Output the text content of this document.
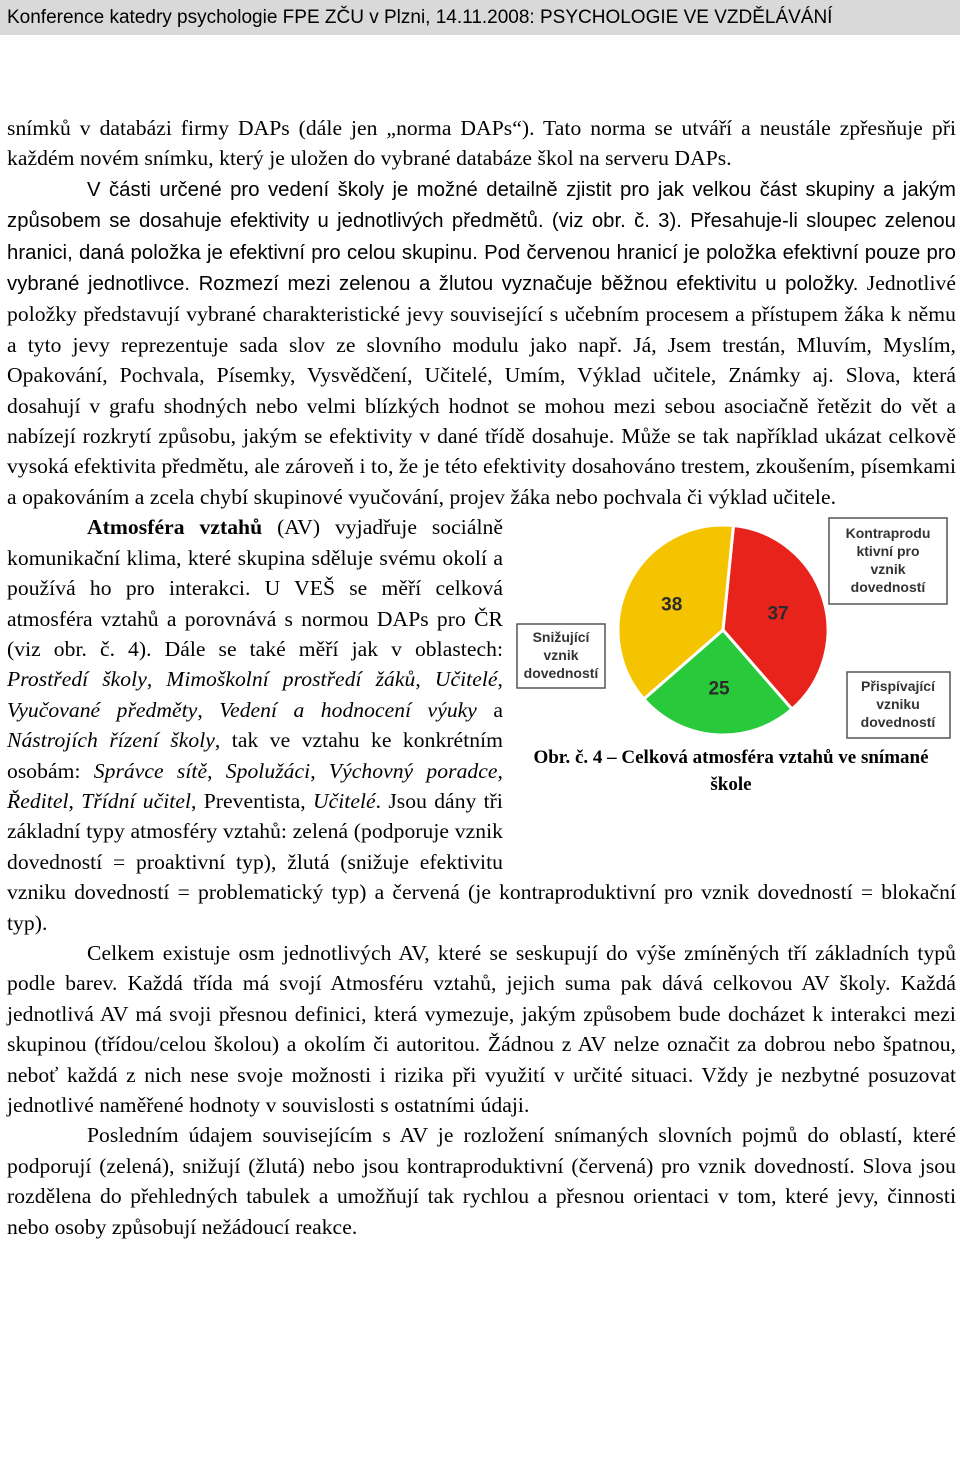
Konference katedry psychologie FPE ZČU v Plzni, 14.11.2008: PSYCHOLOGIE VE VZDĚLÁVÁNÍ

snímků v databázi firmy DAPs (dále jen „norma DAPs“). Tato norma se utváří a neustále zpřesňuje při každém novém snímku, který je uložen do vybrané databáze škol na serveru DAPs.

V části určené pro vedení školy je možné detailně zjistit pro jak velkou část skupiny a jakým způsobem se dosahuje efektivity u jednotlivých předmětů. (viz obr. č. 3). Přesahuje-li sloupec zelenou hranici, daná položka je efektivní pro celou skupinu. Pod červenou hranicí je položka efektivní pouze pro vybrané jednotlivce. Rozmezí mezi zelenou a žlutou vyznačuje běžnou efektivitu u položky. Jednotlivé položky představují vybrané charakteristické jevy související s učebním procesem a přístupem žáka k němu a tyto jevy reprezentuje sada slov ze slovního modulu jako např. Já, Jsem trestán, Mluvím, Myslím, Opakování, Pochvala, Písemky, Vysvědčení, Učitelé, Umím, Výklad učitele, Známky aj. Slova, která dosahují v grafu shodných nebo velmi blízkých hodnot se mohou mezi sebou asociačně řetězit do vět a nabízejí rozkrytí způsobu, jakým se efektivity v dané třídě dosahuje. Může se tak například ukázat celkově vysoká efektivita předmětu, ale zároveň i to, že je této efektivity dosahováno trestem, zkoušením, písemkami a opakováním a zcela chybí skupinové vyučování, projev žáka nebo pochvala či výklad učitele.

37
25
38
Kontraprodu
ktivní pro
vznik
dovedností
Snižující
vznik
dovedností
Přispívající
vzniku
dovedností
Obr. č. 4 – Celková atmosféra vztahů ve snímané škole

Atmosféra vztahů (AV) vyjadřuje sociálně komunikační klima, které skupina sděluje svému okolí a používá ho pro interakci. U VEŠ se měří celková atmosféra vztahů a porovnává s normou DAPs pro ČR (viz obr. č. 4). Dále se také měří jak v oblastech: Prostředí školy, Mimoškolní prostředí žáků, Učitelé, Vyučované předměty, Vedení a hodnocení výuky a Nástrojích řízení školy, tak ve vztahu ke konkrétním osobám: Správce sítě, Spolužáci, Výchovný poradce, Ředitel, Třídní učitel, Preventista, Učitelé. Jsou dány tři základní typy atmosféry vztahů: zelená (podporuje vznik dovedností = proaktivní typ), žlutá (snižuje efektivitu vzniku dovedností = problematický typ) a červená (je kontraproduktivní pro vznik dovedností = blokační typ).

Celkem existuje osm jednotlivých AV, které se seskupují do výše zmíněných tří základních typů podle barev. Každá třída má svojí Atmosféru vztahů, jejich suma pak dává celkovou AV školy. Každá jednotlivá AV má svoji přesnou definici, která vymezuje, jakým způsobem bude docházet k interakci mezi skupinou (třídou/celou školou) a okolím či autoritou. Žádnou z AV nelze označit za dobrou nebo špatnou, neboť každá z nich nese svoje možnosti i rizika při využití v určité situaci. Vždy je nezbytné posuzovat jednotlivé naměřené hodnoty v souvislosti s ostatními údaji.

Posledním údajem souvisejícím s AV je rozložení snímaných slovních pojmů do oblastí, které podporují (zelená), snižují (žlutá) nebo jsou kontraproduktivní (červená) pro vznik dovedností. Slova jsou rozdělena do přehledných tabulek a umožňují tak rychlou a přesnou orientaci v tom, které jevy, činnosti nebo osoby způsobují nežádoucí reakce.
